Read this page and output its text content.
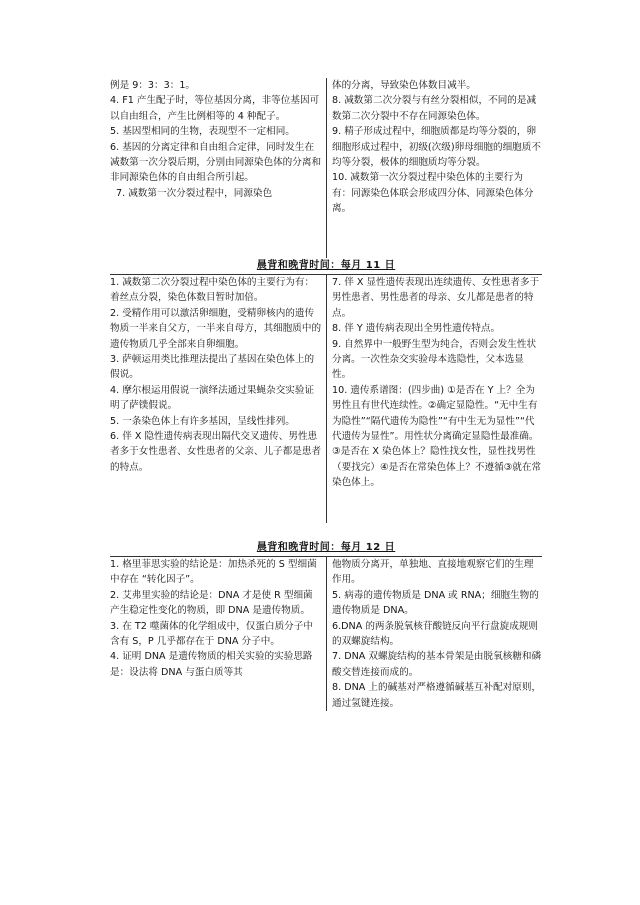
例是 9：3：3：1。

4. F1 产生配子时，等位基因分离，非等位基因可以自由组合，产生比例相等的 4 种配子。

5. 基因型相同的生物，表现型不一定相同。

6. 基因的分离定律和自由组合定律，同时发生在减数第一次分裂后期，分别由同源染色体的分离和非同源染色体的自由组合所引起。

7. 减数第一次分裂过程中，同源染色

体的分离，导致染色体数目减半。

8. 减数第二次分裂与有丝分裂相似，不同的是减数第二次分裂中不存在同源染色体。

9. 精子形成过程中，细胞质都是均等分裂的，卵细胞形成过程中，初级(次级)卵母细胞的细胞质不均等分裂，极体的细胞质均等分裂。

10. 减数第一次分裂过程中染色体的主要行为有：同源染色体联会形成四分体、同源染色体分离。

晨背和晚背时间：每月 11 日

1. 减数第二次分裂过程中染色体的主要行为有：着丝点分裂，染色体数目暂时加倍。

2. 受精作用可以激活卵细胞，受精卵核内的遗传物质一半来自父方，一半来自母方，其细胞质中的遗传物质几乎全部来自卵细胞。

3. 萨顿运用类比推理法提出了基因在染色体上的假说。

4. 摩尔根运用假说一演绎法通过果蝇杂交实验证明了萨镤假说。

5. 一条染色体上有许多基因，呈线性排列。

6. 伴 X 隐性遗传病表现出隔代交叉遗传、男性患者多于女性患者、女性患者的父亲、儿子都是患者的特点。

7. 伴 X 显性遗传表现出连续遗传、女性患者多于男性患者、男性患者的母亲、女儿都是患者的特点。

8. 伴 Y 遗传病表现出全男性遗传特点。

9. 自然界中一般野生型为纯合，否则会发生性状分离。一次性杂交实验母本选隐性，父本选显性。

10. 遗传系谱图：(四步曲) ①是否在 Y 上？全为男性且有世代连续性。②确定显隐性。“无中生有为隐性”“隔代遗传为隐性”“有中生无为显性”“代代遗传为显性”。用性状分离确定显隐性最准确。③是否在 X 染色体上？隐性找女性，显性找男性（要找完）④是否在常染色体上？不遵循③就在常染色体上。

晨背和晚背时间：每月 12 日

1. 格里菲思实验的结论是：加热杀死的 S 型细菌中存在 “转化因子”。

2. 艾弗里实验的结论是：DNA 才是使 R 型细菌产生稳定性变化的物质，即 DNA 是遗传物质。

3. 在 T2 噬菌体的化学组成中，仅蛋白质分子中含有 S，P 几乎都存在于 DNA 分子中。

4. 证明 DNA 是遗传物质的相关实验的实验思路是：设法将 DNA 与蛋白质等其

他物质分离开，单独地、直接地观察它们的生理作用。

5. 病毒的遗传物质是 DNA 或 RNA；细胞生物的遗传物质是 DNA。

6.DNA 的两条脱氧核苷酸链反向平行盘旋成规则的双螺旋结构。

7. DNA 双螺旋结构的基本骨架是由脱氧核糖和磷酸交替连接而成的。

8. DNA 上的碱基对严格遵循碱基互补配对原则，通过氢键连接。
